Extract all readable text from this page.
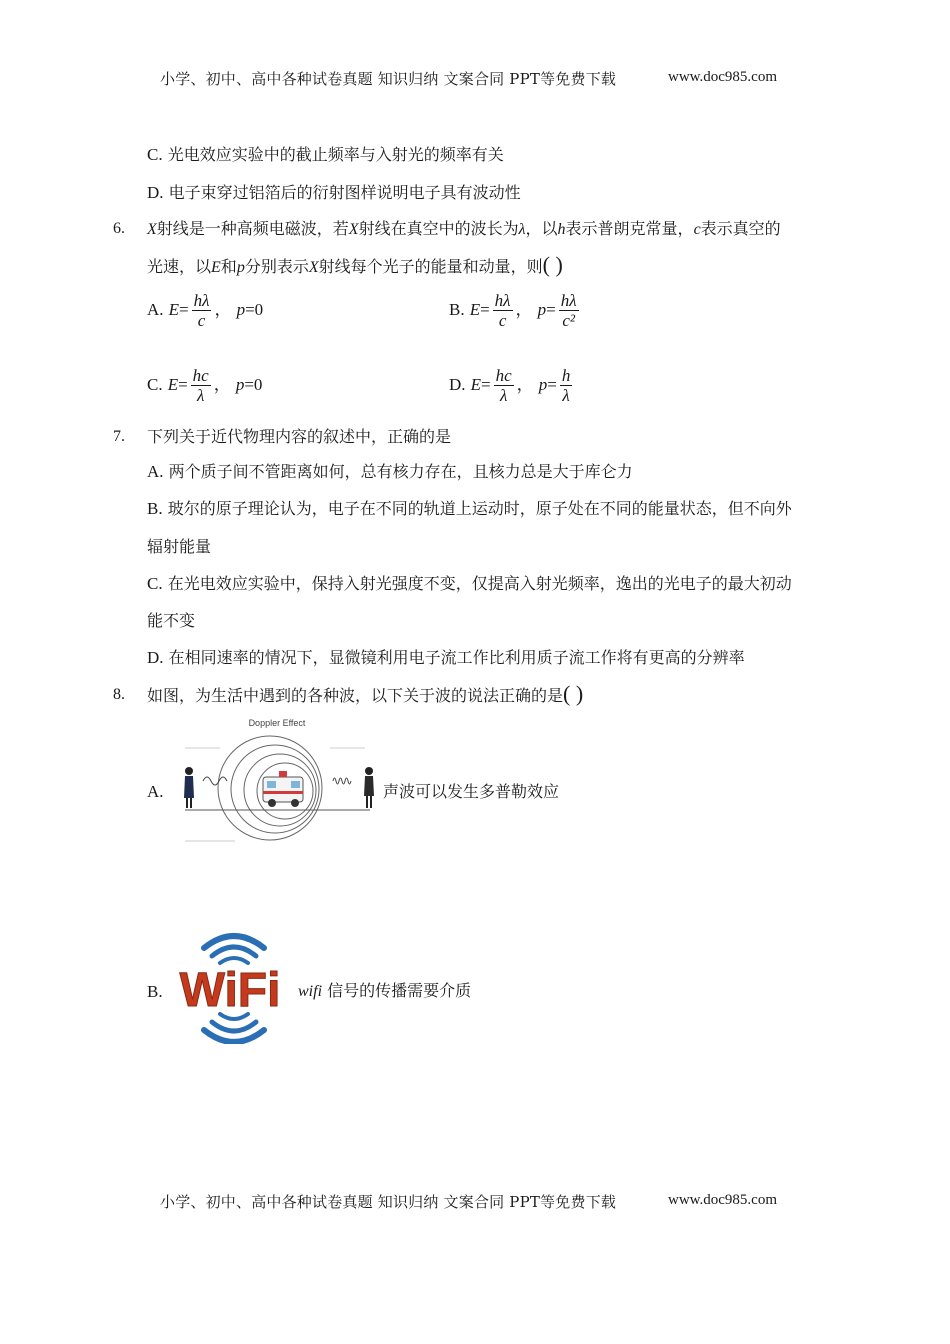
小学、初中、高中各种试卷真题 知识归纳 文案合同 PPT等免费下载	www.doc985.com
C. 光电效应实验中的截止频率与入射光的频率有关
D. 电子束穿过铝箔后的衍射图样说明电子具有波动性
6. X射线是一种高频电磁波，若X射线在真空中的波长为λ，以h表示普朗克常量，c表示真空的
光速，以E和p分别表示X射线每个光子的能量和动量，则( )
A. $E= \frac{h\lambda}{c}$ ， p=0	B. $E= \frac{h\lambda}{c}$ ， $p= \frac{h\lambda}{\text{c²}}$
C. $E= \frac{hc}{\lambda}$ ， p=0	D. $E= \frac{hc}{\lambda}$ ， $p= \frac{h}{\lambda}$
7. 下列关于近代物理内容的叙述中，正确的是
A. 两个质子间不管距离如何，总有核力存在，且核力总是大于库仑力
B. 玻尔的原子理论认为，电子在不同的轨道上运动时，原子处在不同的能量状态，但不向外
辐射能量
C. 在光电效应实验中，保持入射光强度不变，仅提高入射光频率，逸出的光电子的最大初动
能不变
D. 在相同速率的情况下，显微镜利用电子流工作比利用质子流工作将有更高的分辨率
8. 如图，为生活中遇到的各种波，以下关于波的说法正确的是( )
A.
Doppler Effect
声波可以发生多普勒效应
B. WiFi wifi 信号的传播需要介质
小学、初中、高中各种试卷真题 知识归纳 文案合同 PPT等免费下载	www.doc985.com
